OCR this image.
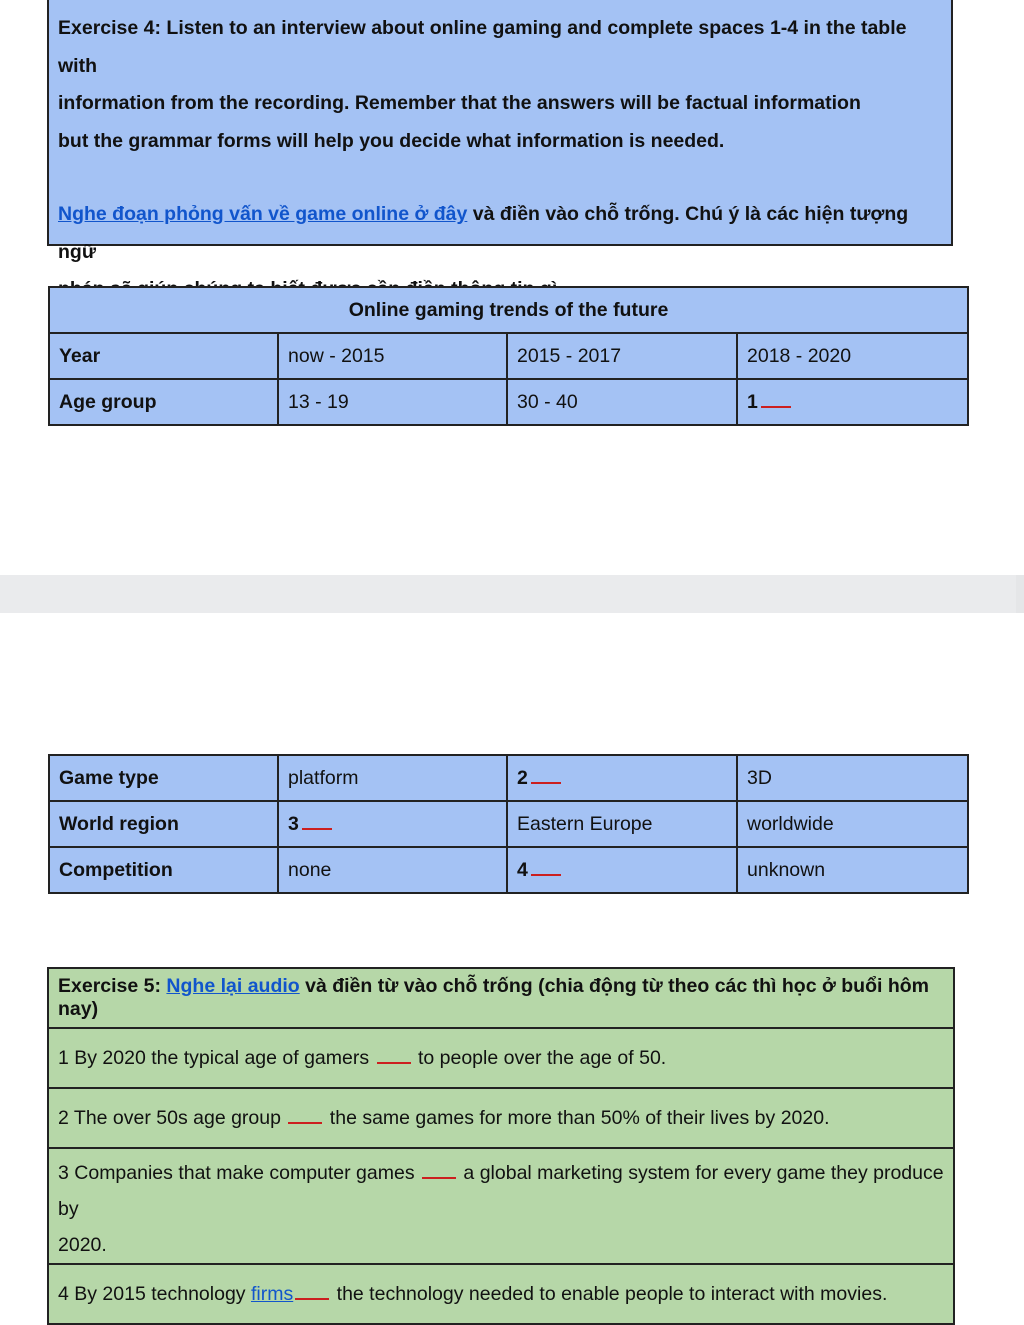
Exercise 4: Listen to an interview about online gaming and complete spaces 1-4 in the table with

information from the recording. Remember that the answers will be factual information

but the grammar forms will help you decide what information is needed.

Nghe đoạn phỏng vấn về game online ở đây và điền vào chỗ trống. Chú ý là các hiện tượng ngữ

Online gaming trends of the future			
Year	now - 2015	2015 - 2017	2018 - 2020
Age group	13 - 19	30 - 40	1
Game type	platform	2	3D
World region	3	Eastern Europe	worldwide
Competition	none	4	unknown
Exercise 5: Nghe lại audio và điền từ vào chỗ trống (chia động từ theo các thì học ở buổi hôm nay)
1 By 2020 the typical age of gamers  to people over the age of 50.
2 The over 50s age group  the same games for more than 50% of their lives by 2020.
3 Companies that make computer games  a global marketing system for every game they produce by
2020.
4 By 2015 technology firms the technology needed to enable people to interact with movies.
